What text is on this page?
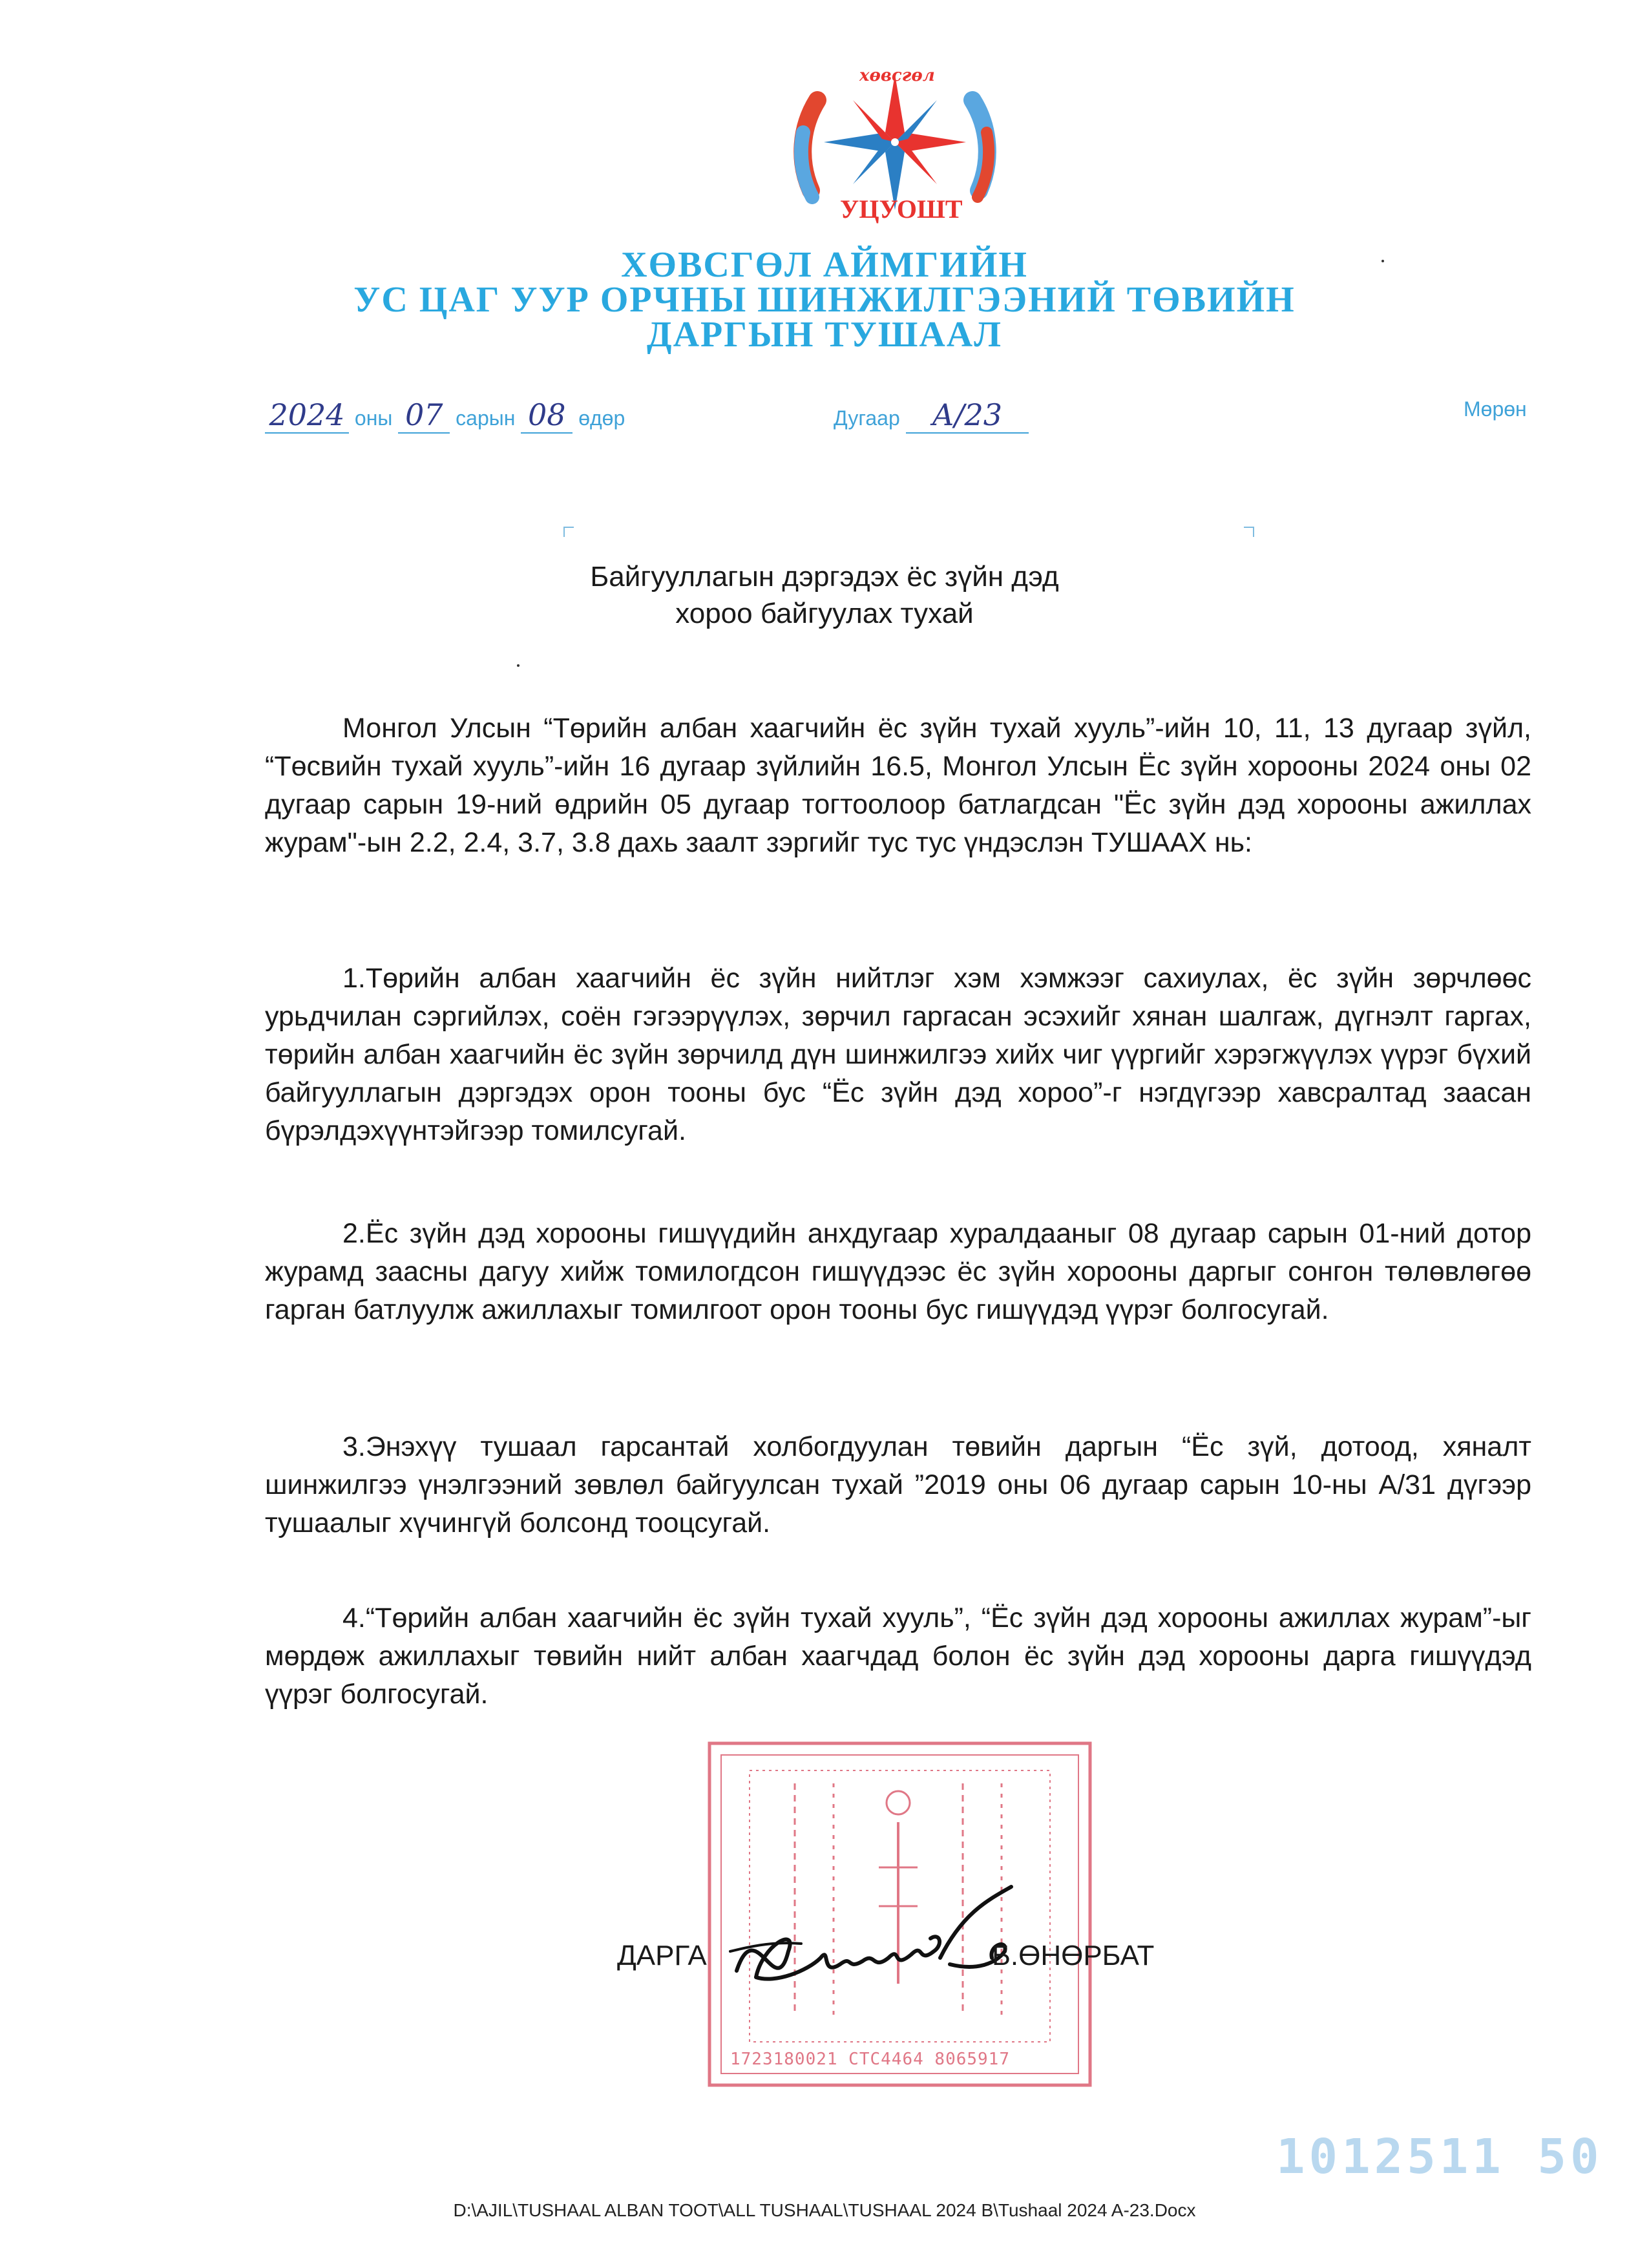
хөвсгөл
УЦУОШТ
ХӨВСГӨЛ АЙМГИЙН
УС ЦАГ УУР ОРЧНЫ ШИНЖИЛГЭЭНИЙ ТӨВИЙН
ДАРГЫН ТУШААЛ
2024 оны 07 сарын 08 өдөр	Дугаар А/23	Мөрөн
Байгууллагын дэргэдэх ёс зүйн дэд
хороо байгуулах тухай

Монгол Улсын “Төрийн албан хаагчийн ёс зүйн тухай хууль”-ийн 10, 11, 13 дугаар зүйл, “Төсвийн тухай хууль”-ийн 16 дугаар зүйлийн 16.5, Монгол Улсын Ёс зүйн хорооны 2024 оны 02 дугаар сарын 19-ний өдрийн 05 дугаар тогтоолоор батлагдсан "Ёс зүйн дэд хорооны ажиллах журам"-ын 2.2, 2.4, 3.7, 3.8 дахь заалт зэргийг тус тус үндэслэн ТУШААХ нь:

1.Төрийн албан хаагчийн ёс зүйн нийтлэг хэм хэмжээг сахиулах, ёс зүйн зөрчлөөс урьдчилан сэргийлэх, соён гэгээрүүлэх, зөрчил гаргасан эсэхийг хянан шалгаж, дүгнэлт гаргах, төрийн албан хаагчийн ёс зүйн зөрчилд дүн шинжилгээ хийх чиг үүргийг хэрэгжүүлэх үүрэг бүхий байгууллагын дэргэдэх орон тооны бус “Ёс зүйн дэд хороо”-г нэгдүгээр хавсралтад заасан бүрэлдэхүүнтэйгээр томилсугай.

2.Ёс зүйн дэд хорооны гишүүдийн анхдугаар хуралдааныг 08 дугаар сарын 01-ний дотор журамд заасны дагуу хийж томилогдсон гишүүдээс ёс зүйн хорооны даргыг сонгон төлөвлөгөө гарган батлуулж ажиллахыг томилгоот орон тооны бус гишүүдэд үүрэг болгосугай.

3.Энэхүү тушаал гарсантай холбогдуулан төвийн даргын “Ёс зүй, дотоод, хяналт шинжилгээ үнэлгээний зөвлөл байгуулсан тухай ”2019 оны 06 дугаар сарын 10-ны А/31 дүгээр тушаалыг хүчингүй болсонд тооцсугай.

4.“Төрийн албан хаагчийн ёс зүйн тухай хууль”, “Ёс зүйн дэд хорооны ажиллах журам”-ыг мөрдөж ажиллахыг төвийн нийт албан хаагчдад болон ёс зүйн дэд хорооны дарга гишүүдэд үүрэг болгосугай.

1723180021 СТС4464 8065917
ДАРГА	Б.ӨНӨРБАТ
1012511 50
D:\AJIL\TUSHAAL ALBAN TOOT\ALL TUSHAAL\TUSHAAL 2024 B\Tushaal 2024 A-23.Docx
